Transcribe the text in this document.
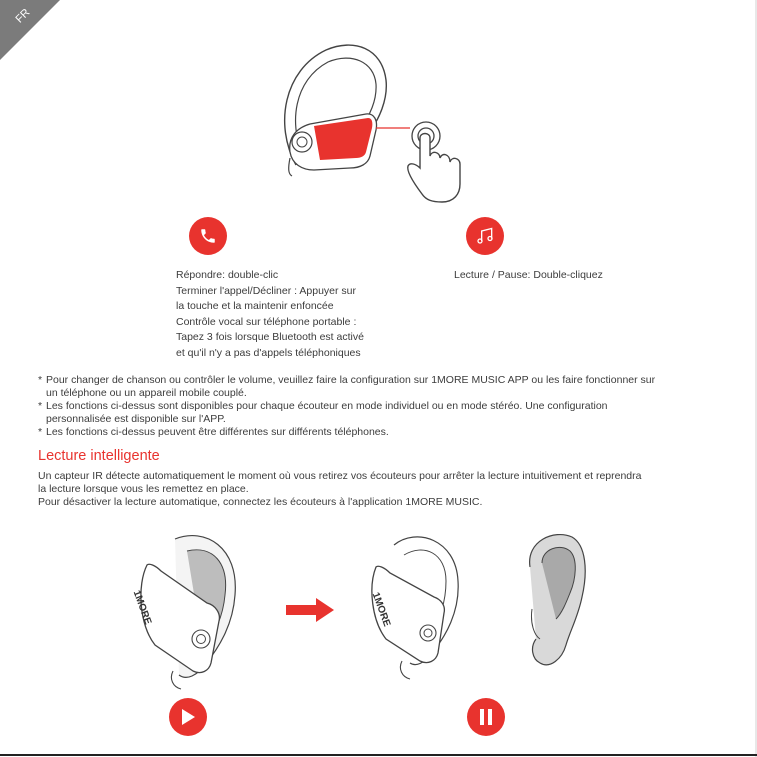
FR
Répondre: double-clic
Terminer l'appel/Décliner : Appuyer sur
la touche et la maintenir enfoncée
Contrôle vocal sur téléphone portable :
Tapez 3 fois lorsque Bluetooth est activé
et qu'il n'y a pas d'appels téléphoniques
Lecture / Pause: Double-cliquez
* Pour changer de chanson ou contrôler le volume, veuillez faire la configuration sur 1MORE MUSIC APP ou les faire fonctionner sur
un téléphone ou un appareil mobile couplé.
* Les fonctions ci-dessus sont disponibles pour chaque écouteur en mode individuel ou en mode stéréo. Une configuration
personnalisée est disponible sur l'APP.
* Les fonctions ci-dessus peuvent être différentes sur différents téléphones.
Lecture intelligente
Un capteur IR détecte automatiquement le moment où vous retirez vos écouteurs pour arrêter la lecture intuitivement et reprendra
la lecture lorsque vous les remettez en place.
Pour désactiver la lecture automatique, connectez les écouteurs à l'application 1MORE MUSIC.
1MORE	1MORE
